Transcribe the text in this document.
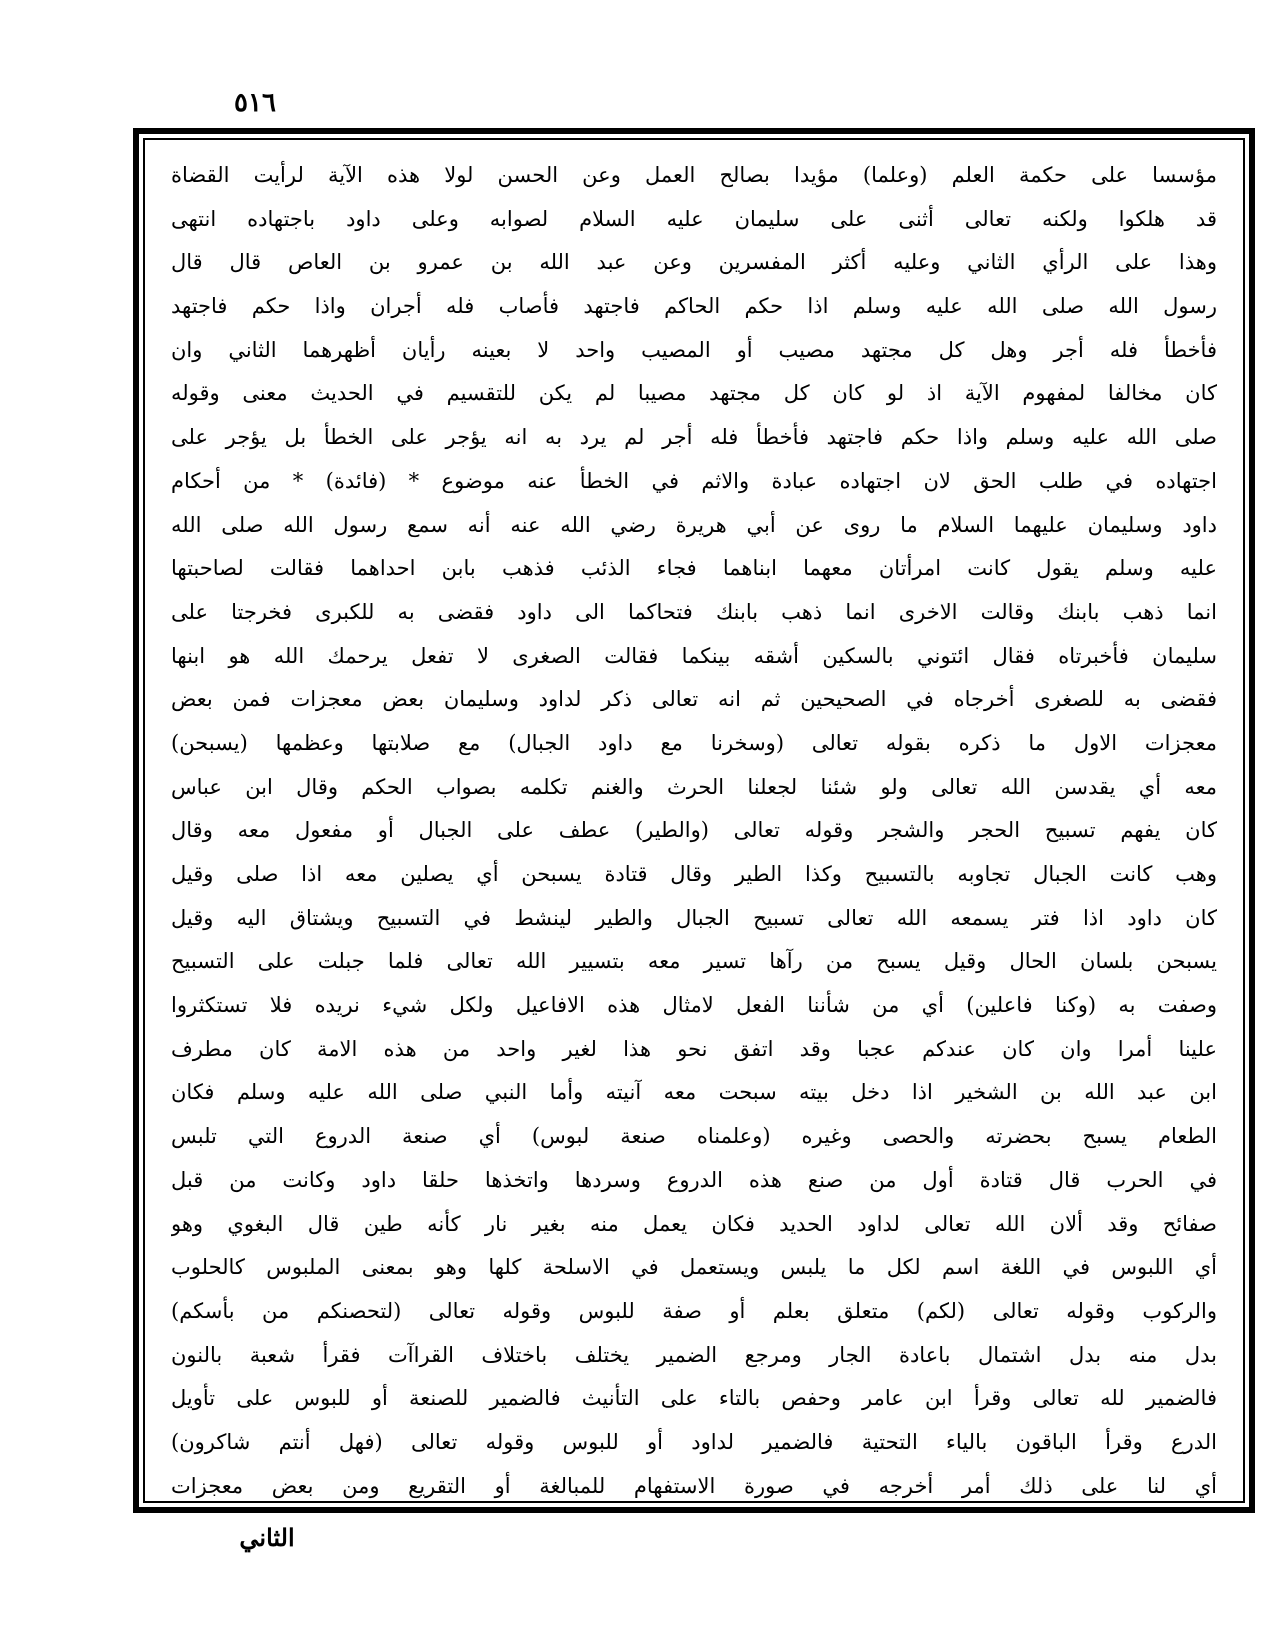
٥١٦
مؤسسا على حكمة العلم (وعلما) مؤيدا بصالح العمل وعن الحسن لولا هذه الآية لرأيت القضاة
قد هلكوا ولكنه تعالى أثنى على سليمان عليه السلام لصوابه وعلى داود باجتهاده انتهى
وهذا على الرأي الثاني وعليه أكثر المفسرين وعن عبد الله بن عمرو بن العاص قال قال
رسول الله صلى الله عليه وسلم اذا حكم الحاكم فاجتهد فأصاب فله أجران واذا حكم فاجتهد
فأخطأ فله أجر وهل كل مجتهد مصيب أو المصيب واحد لا بعينه رأيان أظهرهما الثاني وان
كان مخالفا لمفهوم الآية اذ لو كان كل مجتهد مصيبا لم يكن للتقسيم في الحديث معنى وقوله
صلى الله عليه وسلم واذا حكم فاجتهد فأخطأ فله أجر لم يرد به انه يؤجر على الخطأ بل يؤجر على
اجتهاده في طلب الحق لان اجتهاده عبادة والاثم في الخطأ عنه موضوع * (فائدة) * من أحكام
داود وسليمان عليهما السلام ما روى عن أبي هريرة رضي الله عنه أنه سمع رسول الله صلى الله
عليه وسلم يقول كانت امرأتان معهما ابناهما فجاء الذئب فذهب بابن احداهما فقالت لصاحبتها
انما ذهب بابنك وقالت الاخرى انما ذهب بابنك فتحاكما الى داود فقضى به للكبرى فخرجتا على
سليمان فأخبرتاه فقال ائتوني بالسكين أشقه بينكما فقالت الصغرى لا تفعل يرحمك الله هو ابنها
فقضى به للصغرى أخرجاه في الصحيحين ثم انه تعالى ذكر لداود وسليمان بعض معجزات فمن بعض
معجزات الاول ما ذكره بقوله تعالى (وسخرنا مع داود الجبال) مع صلابتها وعظمها (يسبحن)
معه أي يقدسن الله تعالى ولو شئنا لجعلنا الحرث والغنم تكلمه بصواب الحكم وقال ابن عباس
كان يفهم تسبيح الحجر والشجر وقوله تعالى (والطير) عطف على الجبال أو مفعول معه وقال
وهب كانت الجبال تجاوبه بالتسبيح وكذا الطير وقال قتادة يسبحن أي يصلين معه اذا صلى وقيل
كان داود اذا فتر يسمعه الله تعالى تسبيح الجبال والطير لينشط في التسبيح ويشتاق اليه وقيل
يسبحن بلسان الحال وقيل يسبح من رآها تسير معه بتسيير الله تعالى فلما جبلت على التسبيح
وصفت به (وكنا فاعلين) أي من شأننا الفعل لامثال هذه الافاعيل ولكل شيء نريده فلا تستكثروا
علينا أمرا وان كان عندكم عجبا وقد اتفق نحو هذا لغير واحد من هذه الامة كان مطرف
ابن عبد الله بن الشخير اذا دخل بيته سبحت معه آنيته وأما النبي صلى الله عليه وسلم فكان
الطعام يسبح بحضرته والحصى وغيره (وعلمناه صنعة لبوس) أي صنعة الدروع التي تلبس
في الحرب قال قتادة أول من صنع هذه الدروع وسردها واتخذها حلقا داود وكانت من قبل
صفائح وقد ألان الله تعالى لداود الحديد فكان يعمل منه بغير نار كأنه طين قال البغوي وهو
أي اللبوس في اللغة اسم لكل ما يلبس ويستعمل في الاسلحة كلها وهو بمعنى الملبوس كالحلوب
والركوب وقوله تعالى (لكم) متعلق بعلم أو صفة للبوس وقوله تعالى (لتحصنكم من بأسكم)
بدل منه بدل اشتمال باعادة الجار ومرجع الضمير يختلف باختلاف القراآت فقرأ شعبة بالنون
فالضمير لله تعالى وقرأ ابن عامر وحفص بالتاء على التأنيث فالضمير للصنعة أو للبوس على تأويل
الدرع وقرأ الباقون بالياء التحتية فالضمير لداود أو للبوس وقوله تعالى (فهل أنتم شاكرون)
أي لنا على ذلك أمر أخرجه في صورة الاستفهام للمبالغة أو التقريع ومن بعض معجزات
الثاني
